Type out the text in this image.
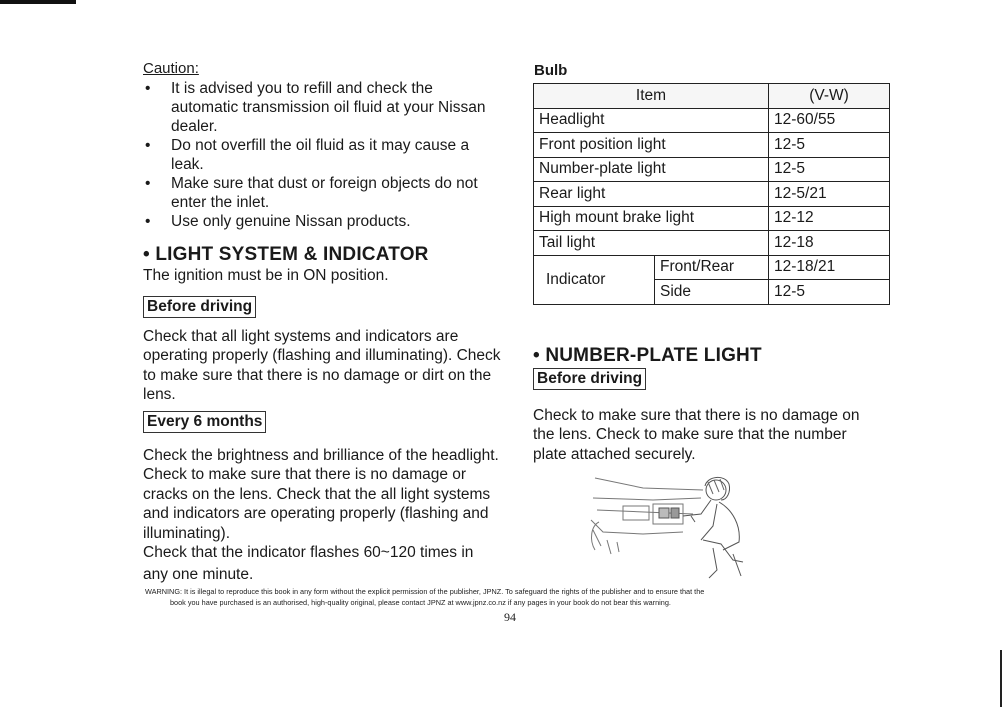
Caution:

• It is advised you to refill and check the automatic transmission oil fluid at your Nissan dealer.
• Do not overfill the oil fluid as it may cause a leak.
• Make sure that dust or foreign objects do not enter the inlet.
• Use only genuine Nissan products.

• LIGHT SYSTEM & INDICATOR

The ignition must be in ON position.

Before driving

Check that all light systems and indicators are operating properly (flashing and illuminating). Check to make sure that there is no damage or dirt on the lens.

Every 6 months

Check the brightness and brilliance of the headlight. Check to make sure that there is no damage or cracks on the lens. Check that the all light systems and indicators are operating properly (flashing and illuminating).

Check that the indicator flashes 60~120 times in

any one minute.

Bulb

Item		(V-W)
Headlight		12-60/55
Front position light		12-5
Number-plate light		12-5
Rear light		12-5/21
High mount brake light		12-12
Tail light		12-18
Indicator	Front/Rear	12-18/21
	Side	12-5

• NUMBER-PLATE LIGHT

Before driving

Check to make sure that there is no damage on the lens. Check to make sure that the number plate attached securely.

WARNING: It is illegal to reproduce this book in any form without the explicit permission of the publisher, JPNZ. To safeguard the rights of the publisher and to ensure that the
book you have purchased is an authorised, high-quality original, please contact JPNZ at www.jpnz.co.nz if any pages in your book do not bear this warning.
94
